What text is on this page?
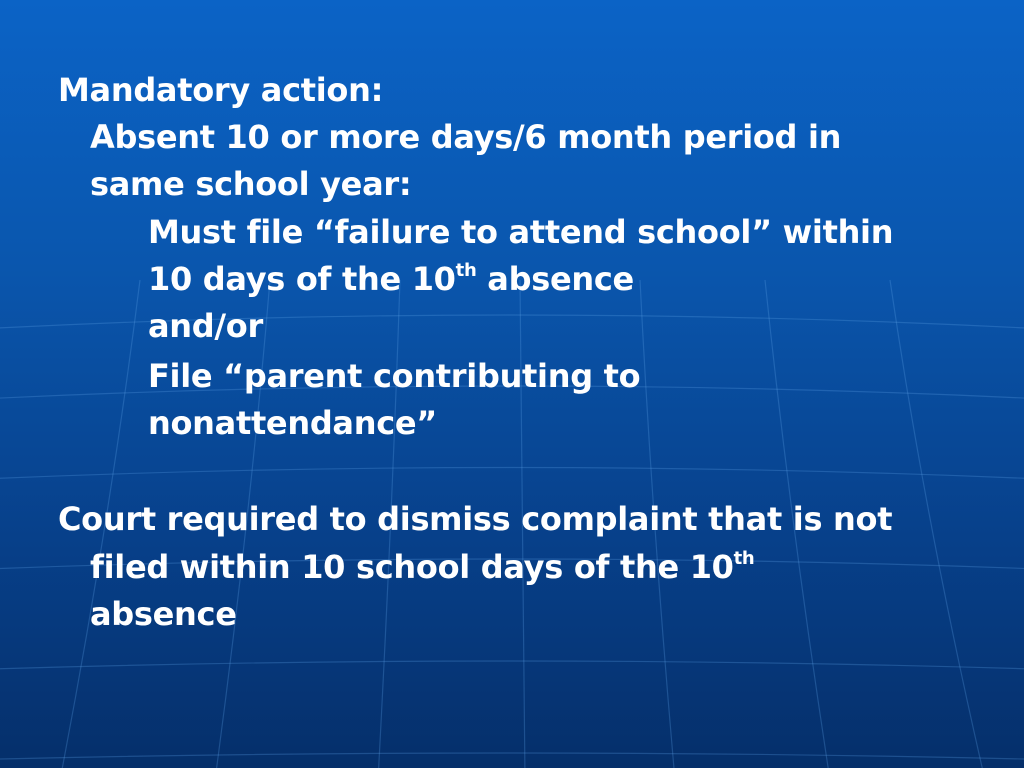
Mandatory action:

Absent 10 or more days/6 month period in

same school year:

Must file “failure to attend school” within

10 days of the 10th absence

and/or

File “parent contributing to

nonattendance”

Court required to dismiss complaint that is not

filed within 10 school days of the 10th

absence
